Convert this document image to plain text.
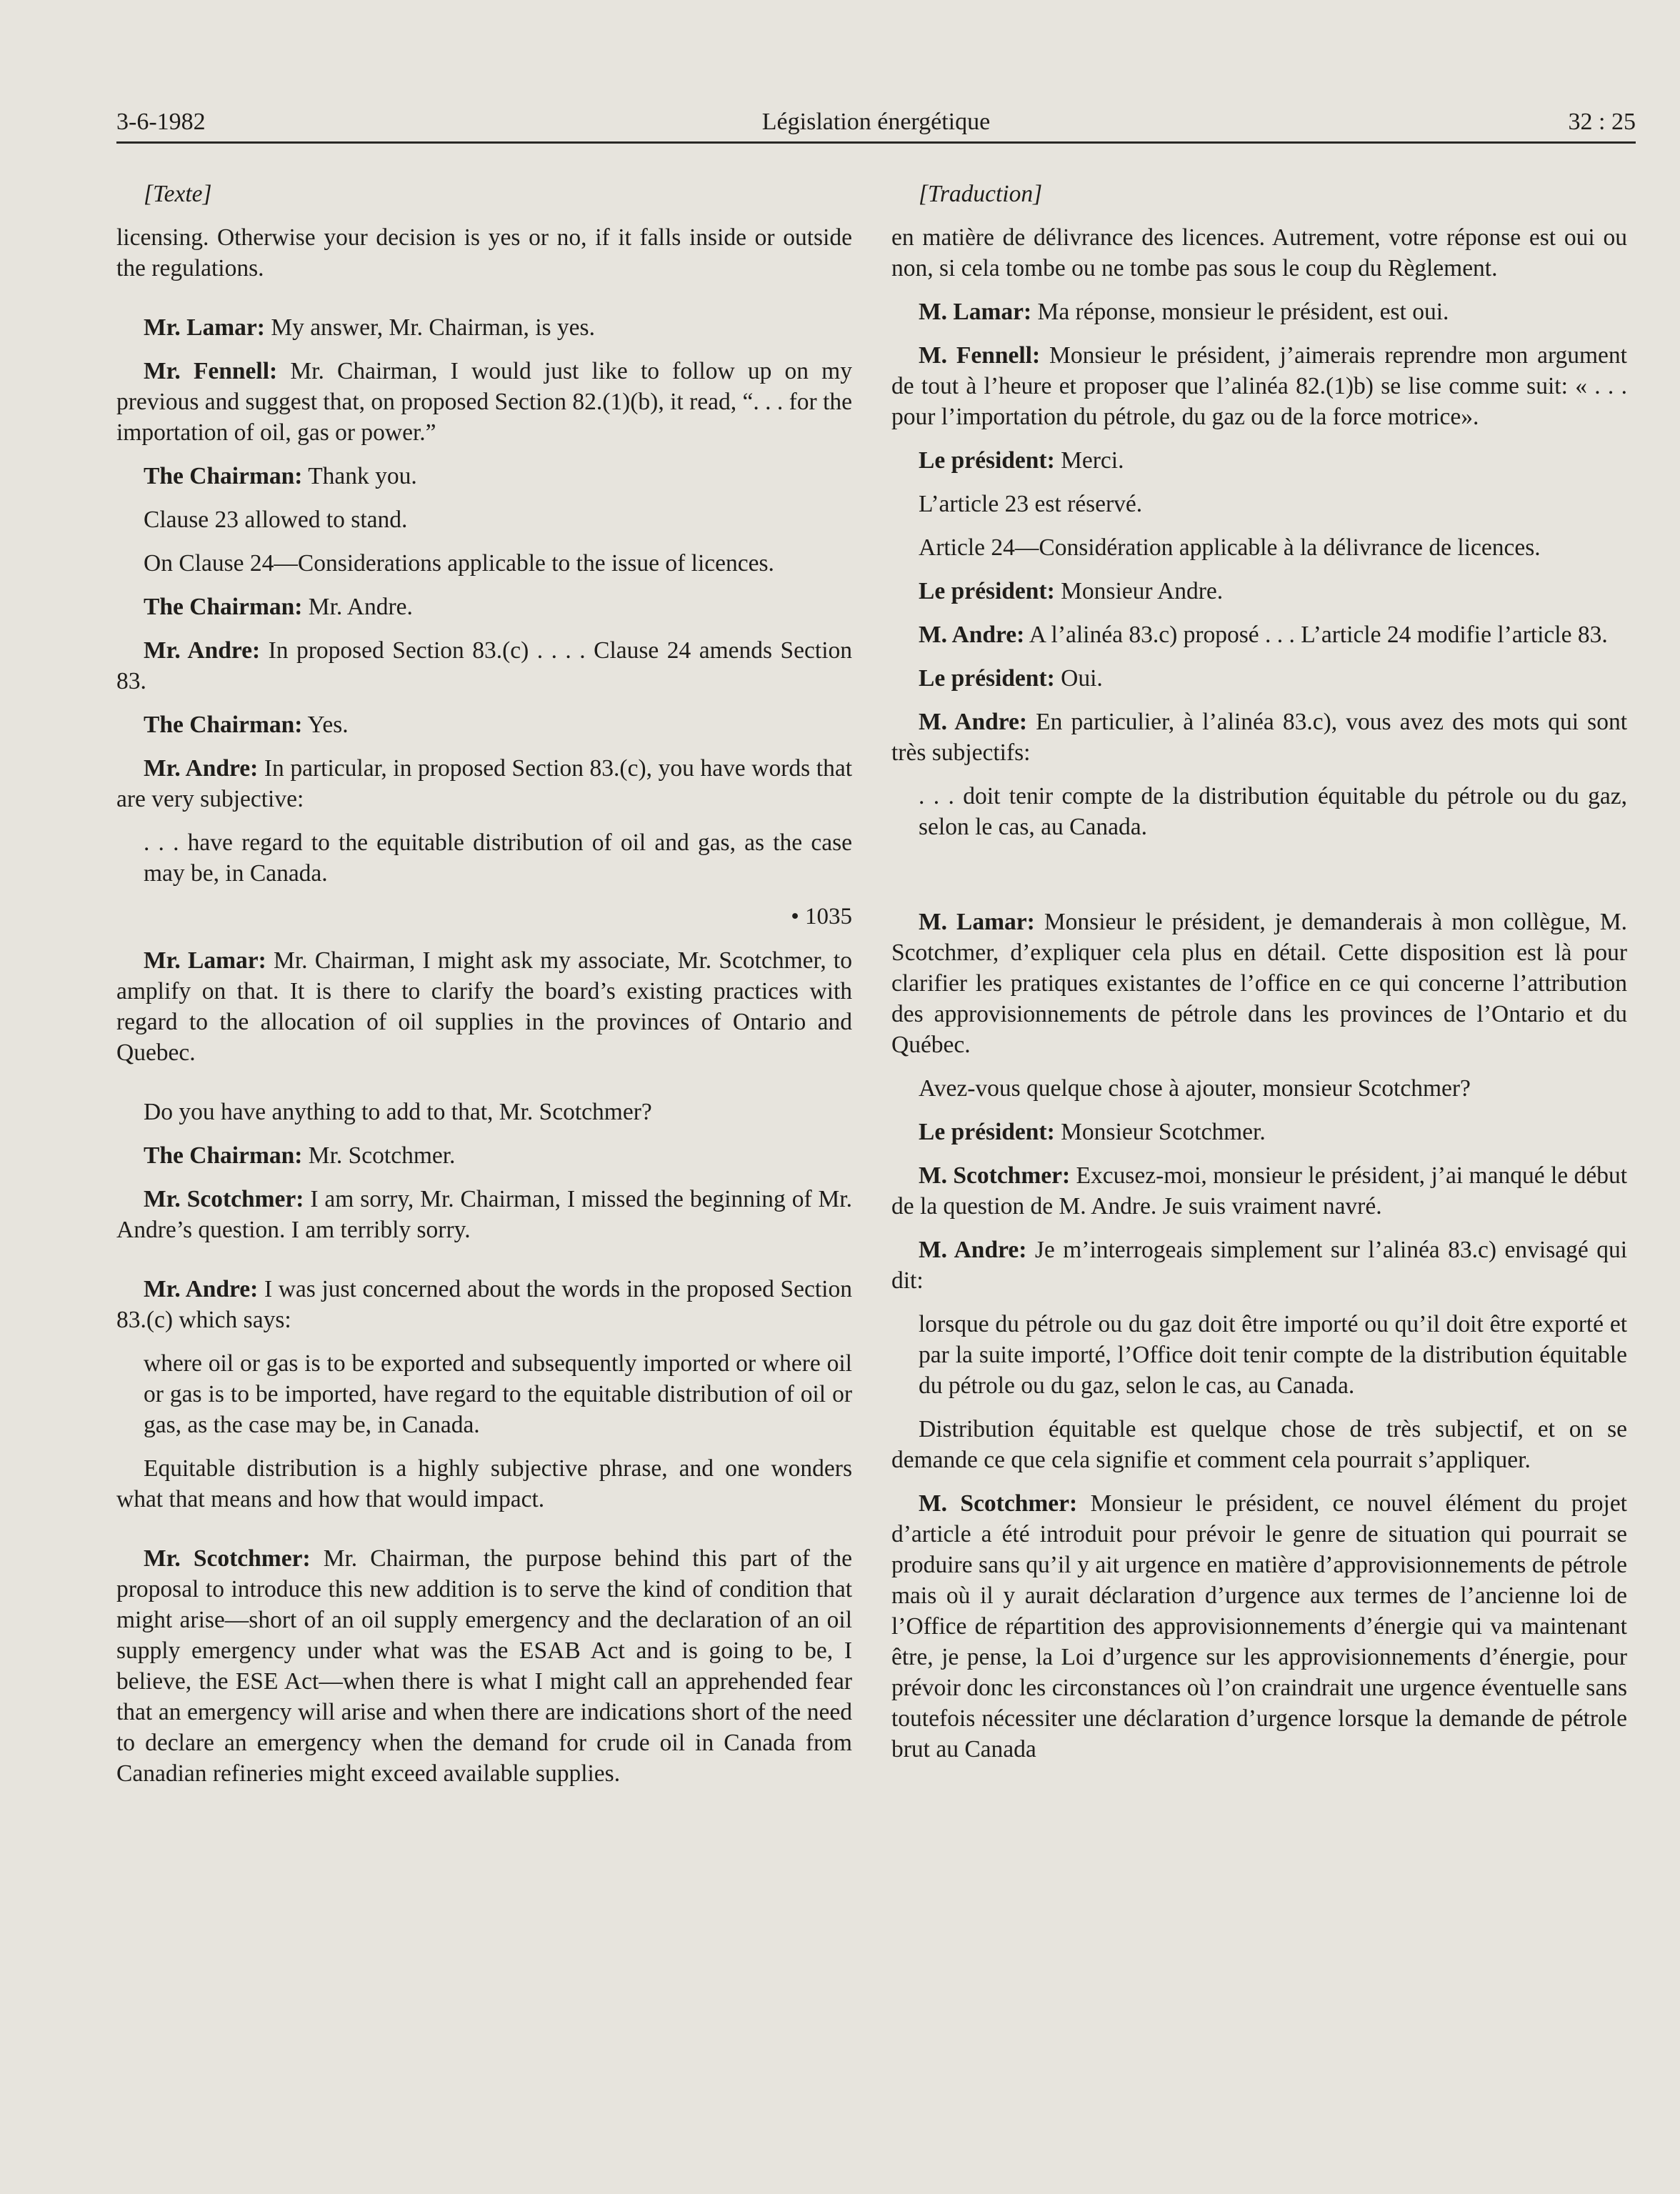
3-6-1982	Législation énergétique	32 : 25

[Texte]

licensing. Otherwise your decision is yes or no, if it falls inside or outside the regulations.

Mr. Lamar: My answer, Mr. Chairman, is yes.

Mr. Fennell: Mr. Chairman, I would just like to follow up on my previous and suggest that, on proposed Section 82.(1)(b), it read, “. . . for the importation of oil, gas or power.”

The Chairman: Thank you.

Clause 23 allowed to stand.

On Clause 24—Considerations applicable to the issue of licences.

The Chairman: Mr. Andre.

Mr. Andre: In proposed Section 83.(c) . . . . Clause 24 amends Section 83.

The Chairman: Yes.

Mr. Andre: In particular, in proposed Section 83.(c), you have words that are very subjective:

. . . have regard to the equitable distribution of oil and gas, as the case may be, in Canada.

• 1035

Mr. Lamar: Mr. Chairman, I might ask my associate, Mr. Scotchmer, to amplify on that. It is there to clarify the board’s existing practices with regard to the allocation of oil supplies in the provinces of Ontario and Quebec.

Do you have anything to add to that, Mr. Scotchmer?

The Chairman: Mr. Scotchmer.

Mr. Scotchmer: I am sorry, Mr. Chairman, I missed the beginning of Mr. Andre’s question. I am terribly sorry.

Mr. Andre: I was just concerned about the words in the proposed Section 83.(c) which says:

where oil or gas is to be exported and subsequently imported or where oil or gas is to be imported, have regard to the equitable distribution of oil or gas, as the case may be, in Canada.

Equitable distribution is a highly subjective phrase, and one wonders what that means and how that would impact.

Mr. Scotchmer: Mr. Chairman, the purpose behind this part of the proposal to introduce this new addition is to serve the kind of condition that might arise—short of an oil supply emergency and the declaration of an oil supply emergency under what was the ESAB Act and is going to be, I believe, the ESE Act—when there is what I might call an apprehended fear that an emergency will arise and when there are indications short of the need to declare an emergency when the demand for crude oil in Canada from Canadian refineries might exceed available supplies.

[Traduction]

en matière de délivrance des licences. Autrement, votre réponse est oui ou non, si cela tombe ou ne tombe pas sous le coup du Règlement.

M. Lamar: Ma réponse, monsieur le président, est oui.

M. Fennell: Monsieur le président, j’aimerais reprendre mon argument de tout à l’heure et proposer que l’alinéa 82.(1)b) se lise comme suit: « . . . pour l’importation du pétrole, du gaz ou de la force motrice».

Le président: Merci.

L’article 23 est réservé.

Article 24—Considération applicable à la délivrance de licences.

Le président: Monsieur Andre.

M. Andre: A l’alinéa 83.c) proposé . . . L’article 24 modifie l’article 83.

Le président: Oui.

M. Andre: En particulier, à l’alinéa 83.c), vous avez des mots qui sont très subjectifs:

. . . doit tenir compte de la distribution équitable du pétrole ou du gaz, selon le cas, au Canada.

M. Lamar: Monsieur le président, je demanderais à mon collègue, M. Scotchmer, d’expliquer cela plus en détail. Cette disposition est là pour clarifier les pratiques existantes de l’office en ce qui concerne l’attribution des approvisionnements de pétrole dans les provinces de l’Ontario et du Québec.

Avez-vous quelque chose à ajouter, monsieur Scotchmer?

Le président: Monsieur Scotchmer.

M. Scotchmer: Excusez-moi, monsieur le président, j’ai manqué le début de la question de M. Andre. Je suis vraiment navré.

M. Andre: Je m’interrogeais simplement sur l’alinéa 83.c) envisagé qui dit:

lorsque du pétrole ou du gaz doit être importé ou qu’il doit être exporté et par la suite importé, l’Office doit tenir compte de la distribution équitable du pétrole ou du gaz, selon le cas, au Canada.

Distribution équitable est quelque chose de très subjectif, et on se demande ce que cela signifie et comment cela pourrait s’appliquer.

M. Scotchmer: Monsieur le président, ce nouvel élément du projet d’article a été introduit pour prévoir le genre de situation qui pourrait se produire sans qu’il y ait urgence en matière d’approvisionnements de pétrole mais où il y aurait déclaration d’urgence aux termes de l’ancienne loi de l’Office de répartition des approvisionnements d’énergie qui va maintenant être, je pense, la Loi d’urgence sur les approvisionnements d’énergie, pour prévoir donc les circonstances où l’on craindrait une urgence éventuelle sans toutefois nécessiter une déclaration d’urgence lorsque la demande de pétrole brut au Canada
